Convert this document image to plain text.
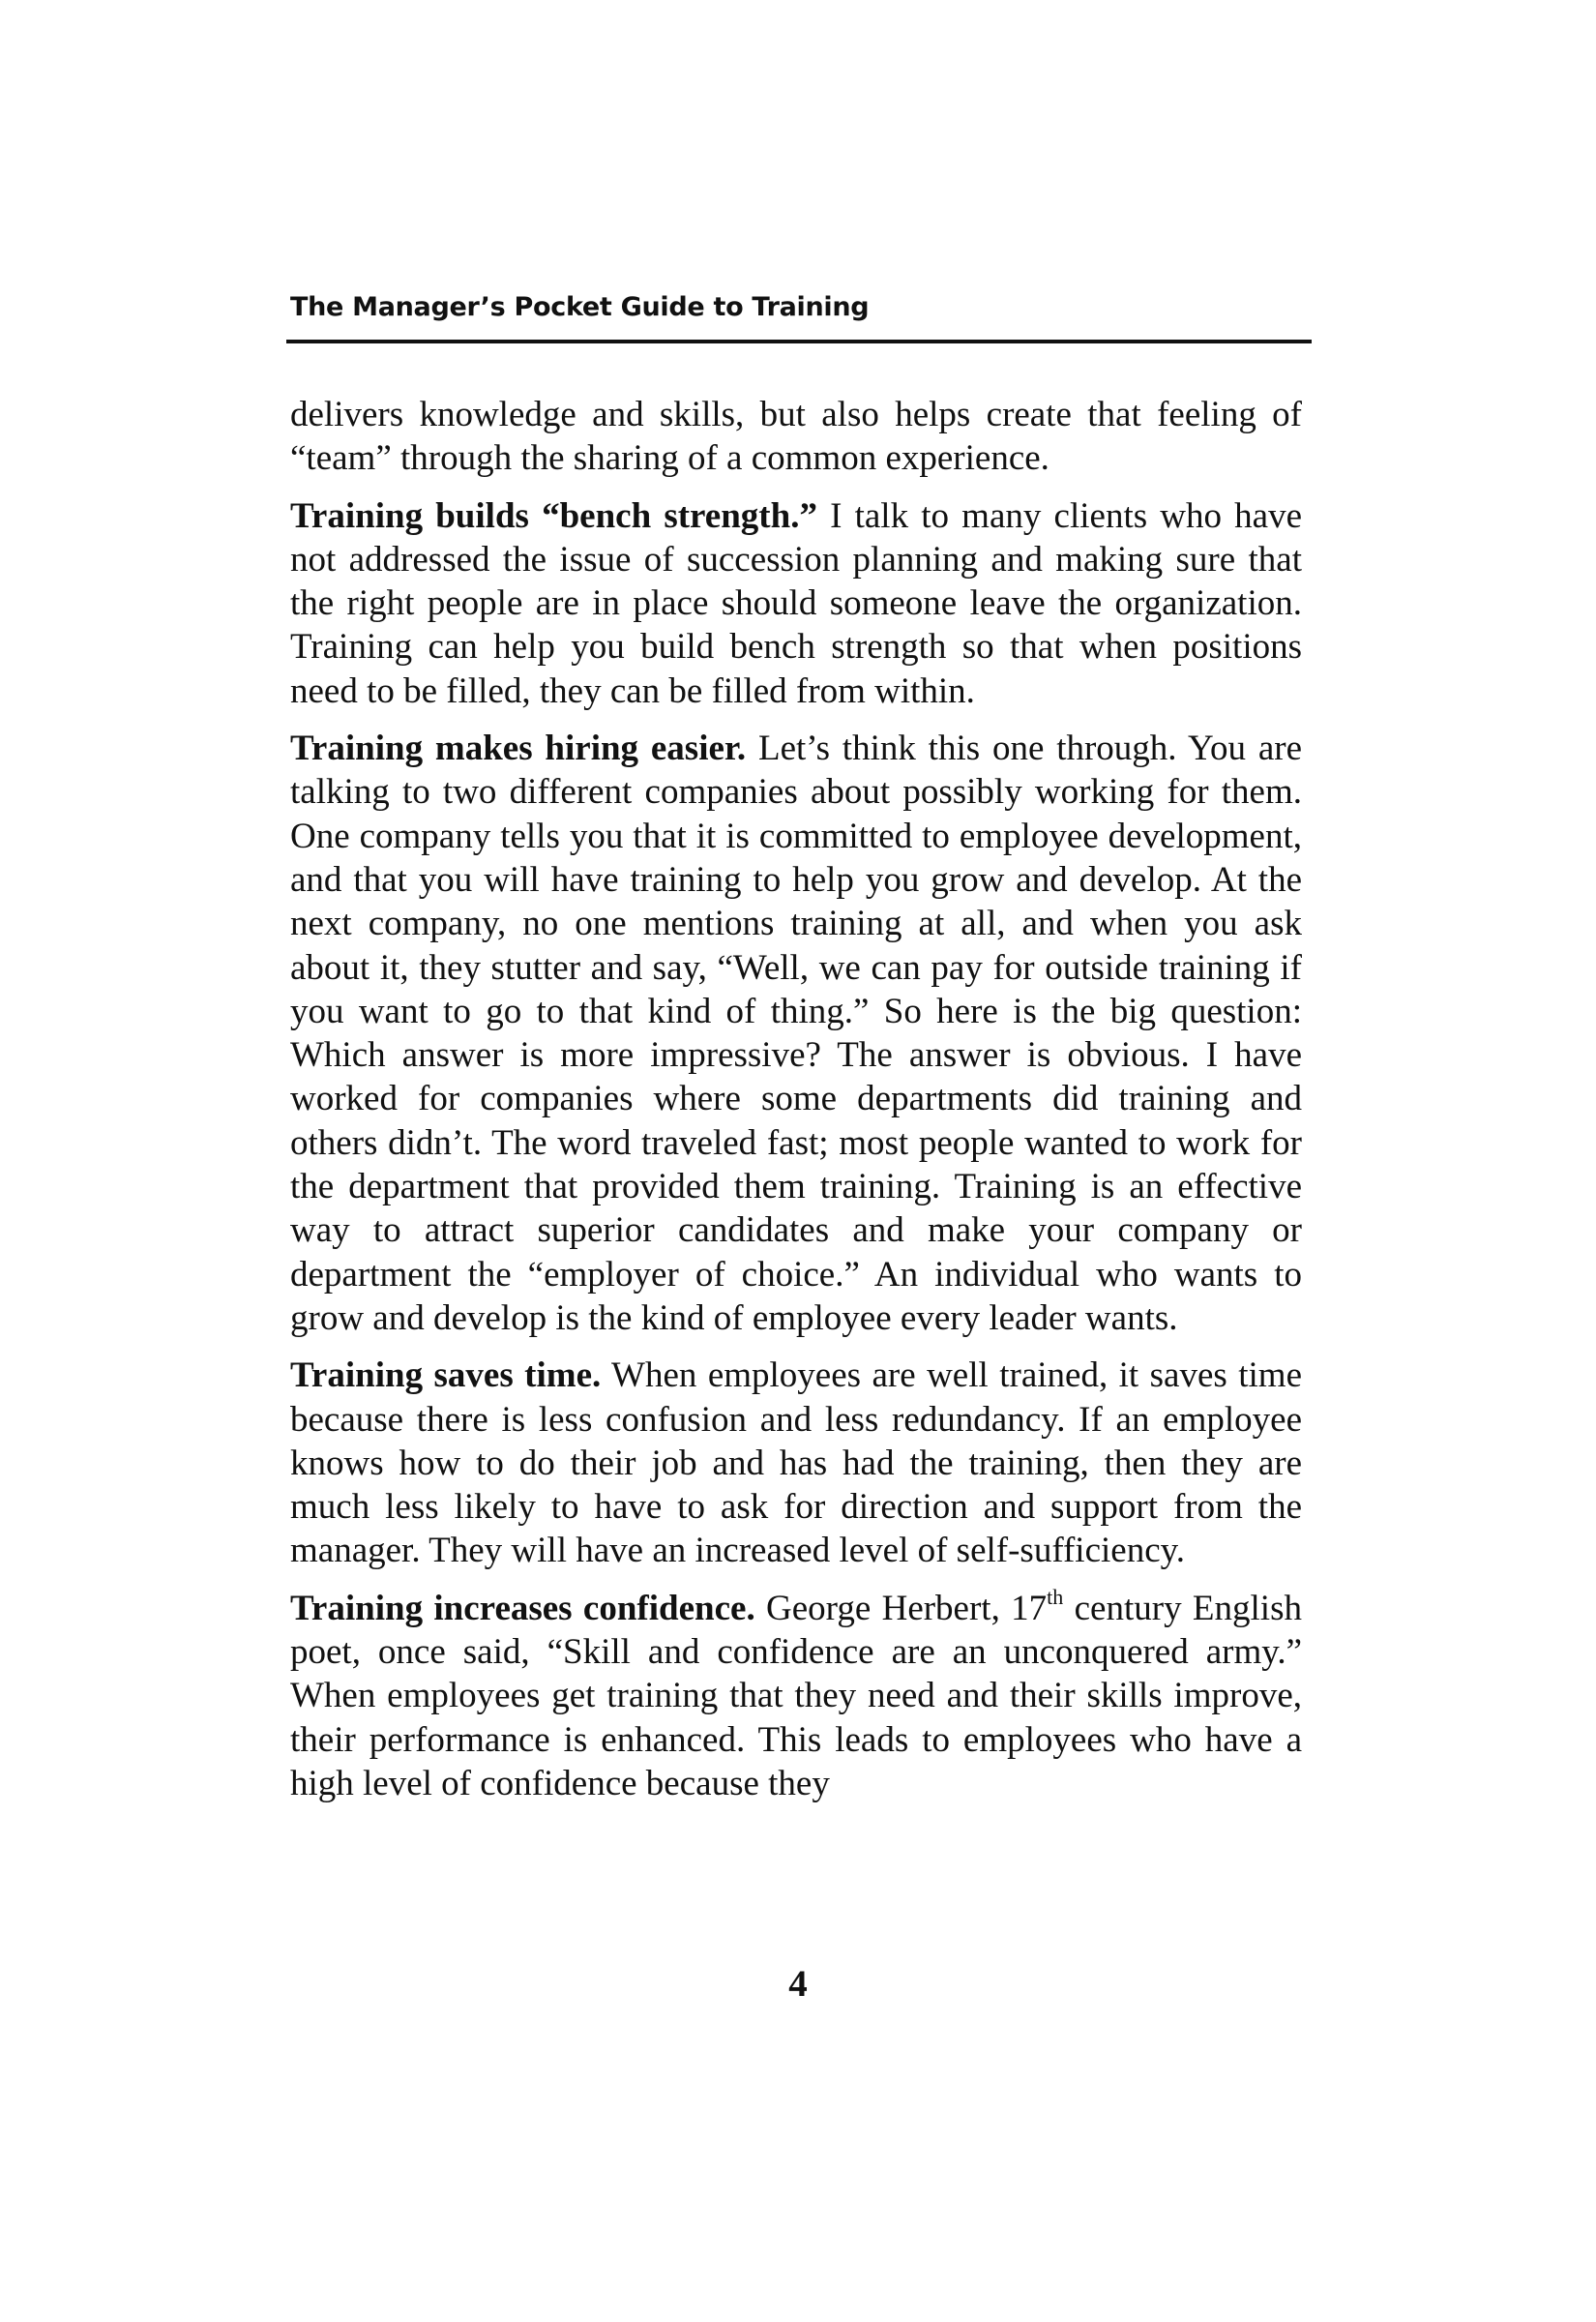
The Manager’s Pocket Guide to Training

delivers knowledge and skills, but also helps create that feeling of “team” through the sharing of a common experience.

Training builds “bench strength.” I talk to many clients who have not addressed the issue of succession planning and making sure that the right people are in place should someone leave the organization. Training can help you build bench strength so that when positions need to be filled, they can be filled from within.

Training makes hiring easier. Let’s think this one through. You are talking to two different companies about possibly working for them. One company tells you that it is committed to employee development, and that you will have training to help you grow and develop. At the next company, no one mentions training at all, and when you ask about it, they stutter and say, “Well, we can pay for outside training if you want to go to that kind of thing.” So here is the big question: Which answer is more impressive? The answer is obvious. I have worked for companies where some departments did training and others didn’t. The word traveled fast; most people wanted to work for the department that provided them training. Training is an effective way to attract superior candidates and make your company or department the “employer of choice.” An individual who wants to grow and develop is the kind of employee every leader wants.

Training saves time. When employees are well trained, it saves time because there is less confusion and less redundancy. If an employee knows how to do their job and has had the training, then they are much less likely to have to ask for direction and support from the manager. They will have an increased level of self-sufficiency.

Training increases confidence. George Herbert, 17th century English poet, once said, “Skill and confidence are an unconquered army.” When employees get training that they need and their skills improve, their performance is enhanced. This leads to employees who have a high level of confidence because they

4
